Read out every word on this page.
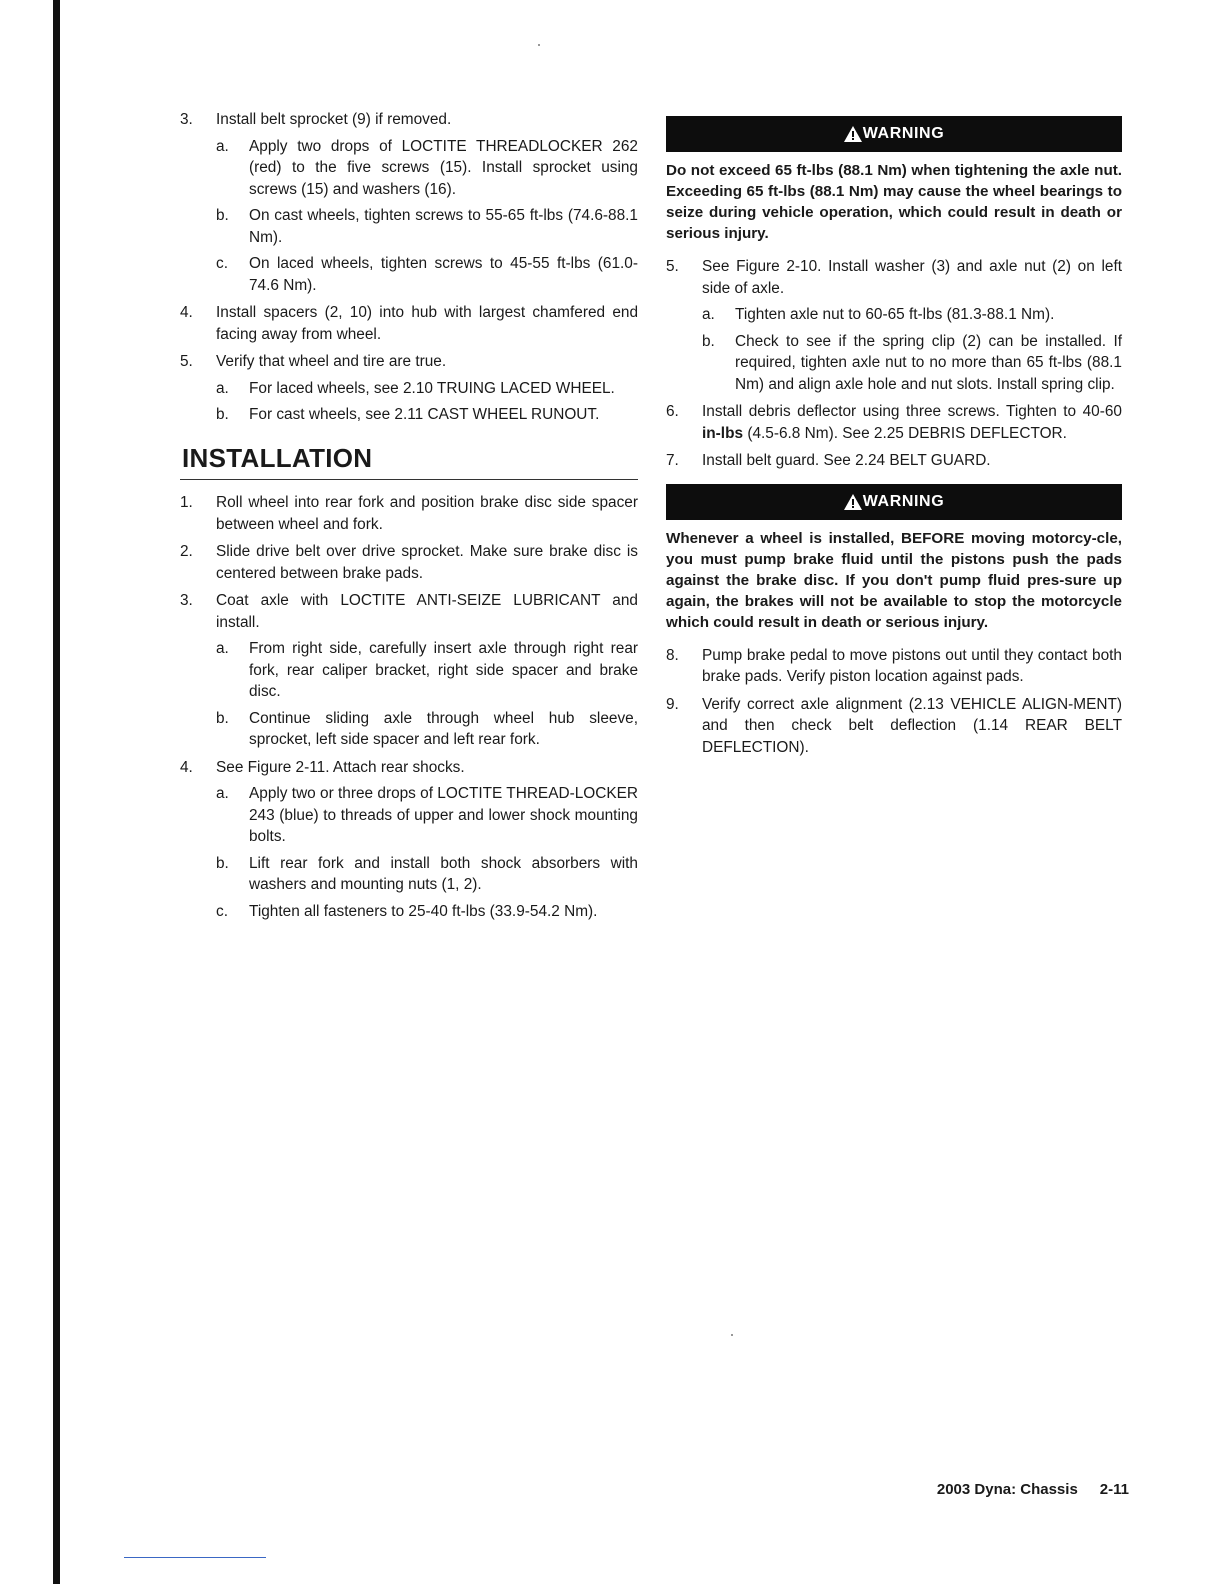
3. Install belt sprocket (9) if removed.
a. Apply two drops of LOCTITE THREADLOCKER 262 (red) to the five screws (15). Install sprocket using screws (15) and washers (16).
b. On cast wheels, tighten screws to 55-65 ft-lbs (74.6-88.1 Nm).
c. On laced wheels, tighten screws to 45-55 ft-lbs (61.0-74.6 Nm).
4. Install spacers (2, 10) into hub with largest chamfered end facing away from wheel.
5. Verify that wheel and tire are true.
a. For laced wheels, see 2.10 TRUING LACED WHEEL.
b. For cast wheels, see 2.11 CAST WHEEL RUNOUT.
INSTALLATION
1. Roll wheel into rear fork and position brake disc side spacer between wheel and fork.
2. Slide drive belt over drive sprocket. Make sure brake disc is centered between brake pads.
3. Coat axle with LOCTITE ANTI-SEIZE LUBRICANT and install.
a. From right side, carefully insert axle through right rear fork, rear caliper bracket, right side spacer and brake disc.
b. Continue sliding axle through wheel hub sleeve, sprocket, left side spacer and left rear fork.
4. See Figure 2-11. Attach rear shocks.
a. Apply two or three drops of LOCTITE THREAD-LOCKER 243 (blue) to threads of upper and lower shock mounting bolts.
b. Lift rear fork and install both shock absorbers with washers and mounting nuts (1, 2).
c. Tighten all fasteners to 25-40 ft-lbs (33.9-54.2 Nm).
WARNING
Do not exceed 65 ft-lbs (88.1 Nm) when tightening the axle nut. Exceeding 65 ft-lbs (88.1 Nm) may cause the wheel bearings to seize during vehicle operation, which could result in death or serious injury.
5. See Figure 2-10. Install washer (3) and axle nut (2) on left side of axle.
a. Tighten axle nut to 60-65 ft-lbs (81.3-88.1 Nm).
b. Check to see if the spring clip (2) can be installed. If required, tighten axle nut to no more than 65 ft-lbs (88.1 Nm) and align axle hole and nut slots. Install spring clip.
6. Install debris deflector using three screws. Tighten to 40-60 in-lbs (4.5-6.8 Nm). See 2.25 DEBRIS DEFLECTOR.
7. Install belt guard. See 2.24 BELT GUARD.
WARNING
Whenever a wheel is installed, BEFORE moving motorcy-cle, you must pump brake fluid until the pistons push the pads against the brake disc. If you don't pump fluid pres-sure up again, the brakes will not be available to stop the motorcycle which could result in death or serious injury.
8. Pump brake pedal to move pistons out until they contact both brake pads. Verify piston location against pads.
9. Verify correct axle alignment (2.13 VEHICLE ALIGN-MENT) and then check belt deflection (1.14 REAR BELT DEFLECTION).
2003 Dyna: Chassis 2-11
